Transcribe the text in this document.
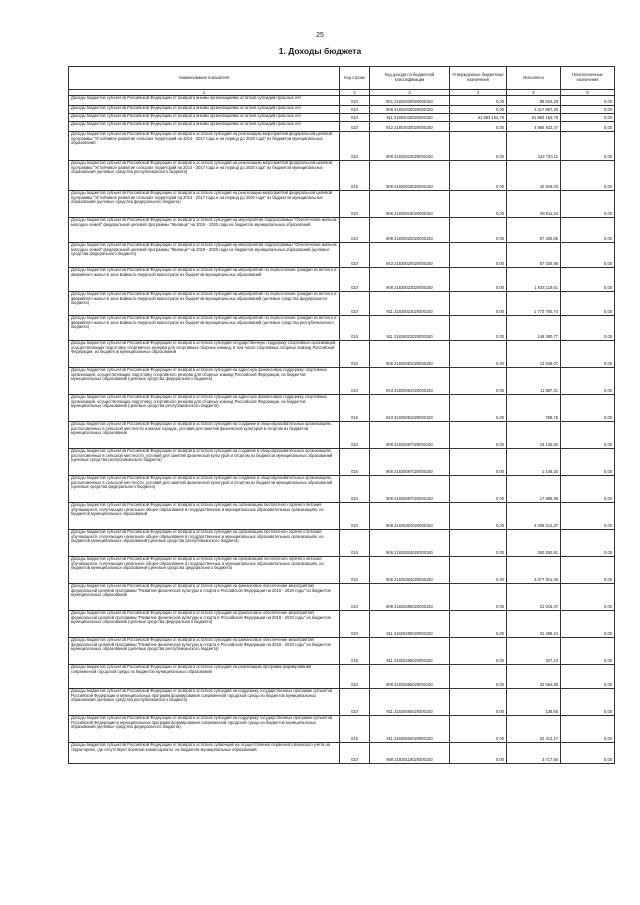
25
1. Доходы бюджета
Наименование показателя	Код строки	Код дохода по бюджетной классификации	Утвержденные бюджетные назначения	Исполнено	Неисполненные назначения
1	2	3	4	5	6
Доходы бюджетов субъектов Российской Федерации от возврата иными организациями остатков субсидий прошлых лет	010	901 21802030020000150	0,00	88 034,28	0,00
Доходы бюджетов субъектов Российской Федерации от возврата иными организациями остатков субсидий прошлых лет	010	908 21802030020000150	0,00	2 217 867,20	0,00
Доходы бюджетов субъектов Российской Федерации от возврата иными организациями остатков субсидий прошлых лет	010	911 21802030020000150	61 883 152,78	61 883 152,78	0,00
Доходы бюджетов субъектов Российской Федерации от возврата иными организациями остатков субсидий прошлых лет	010	912 21802030020000150	0,00	4 885 832,47	0,00
Доходы бюджетов субъектов Российской Федерации от возврата остатков субсидий на реализацию мероприятий федеральной целевой программы "Устойчивое развитие сельских территорий на 2014 - 2017 годы и на период до 2020 года" из бюджетов муниципальных образований	010	909 21825018020000150	0,00	142 730,11	0,00
Доходы бюджетов субъектов Российской Федерации от возврата остатков субсидий на реализацию мероприятий федеральной целевой программы "Устойчивое развитие сельских территорий на 2014 - 2017 годы и на период до 2020 года" из бюджетов муниципальных образований (целевые средства республиканского бюджета)	015	906 21825018020000150	0,00	42 819,03	0,00
Доходы бюджетов субъектов Российской Федерации от возврата остатков субсидий на реализацию мероприятий федеральной целевой программы "Устойчивое развитие сельских территорий на 2014 - 2017 годы и на период до 2020 года" из бюджетов муниципальных образований (целевые средства федерального бюджета)	010	906 21825018020000150	0,00	99 911,34	0,00
Доходы бюджетов субъектов Российской Федерации от возврата остатков субсидий на мероприятия подпрограммы "Обеспечение жильем молодых семей" федеральной целевой программы "Жилище" на 2015 - 2020 годы из бюджетов муниципальных образований	010	909 21825020020000150	0,00	57 406,65	0,00
Доходы бюджетов субъектов Российской Федерации от возврата остатков субсидий на мероприятия подпрограммы "Обеспечение жильем молодых семей" федеральной целевой программы "Жилище" на 2015 - 2020 годы из бюджетов муниципальных образований (целевые средства федерального бюджета)	010	943 21825020020000150	0,00	57 026,85	0,00
Доходы бюджетов субъектов Российской Федерации от возврата остатков субсидий на мероприятия по переселению граждан из ветхого и аварийного жилья в зоне Байкало-Амурской магистрали из бюджетов муниципальных образований	010	909 21825023020000150	0,00	1 925 119,51	0,00
Доходы бюджетов субъектов Российской Федерации от возврата остатков субсидий на мероприятия по переселению граждан из ветхого и аварийного жилья в зоне Байкало-Амурской магистрали из бюджетов муниципальных образований (целевые средства федерального бюджета)	010	911 21825023020000150	0,00	1 773 784,74	0,00
Доходы бюджетов субъектов Российской Федерации от возврата остатков субсидий на мероприятия по переселению граждан из ветхого и аварийного жилья в зоне Байкало-Амурской магистрали из бюджетов муниципальных образований (целевые средства республиканского бюджета)	015	911 21825023020000150	0,00	149 380,77	0,00
Доходы бюджетов субъектов Российской Федерации от возврата остатков субсидий государственную поддержку спортивных организаций, осуществляющих подготовку спортивного резерва для спортивных сборных команд, в том числе спортивных сборных команд Российской Федерации, из бюджетов муниципальных образований	010	906 21825081020000150	0,00	12 648,07	0,00
Доходы бюджетов субъектов Российской Федерации от возврата остатков субсидий на адресную финансовую поддержку спортивных организаций, осуществляющих подготовку спортивного резерва для сборных команд Российской Федерации, из бюджетов муниципальных образований (целевые средства федерального бюджета)	010	943 21825081020000150	0,00	11 887,31	0,00
Доходы бюджетов субъектов Российской Федерации от возврата остатков субсидий на адресную финансовую поддержку спортивных организаций, осуществляющих подготовку спортивного резерва для сборных команд Российской Федерации, из бюджетов муниципальных образований (целевые средства республиканского бюджета)	015	943 21825081020000150	0,00	758,75	0,00
Доходы бюджетов субъектов Российской Федерации от возврата остатков субсидий на создание в общеобразовательных организациях, расположенных в сельской местности и малых городах, условий для занятий физической культурой и спортом из бюджетов муниципальных образований	010	909 21825097020000150	0,00	19 136,82	0,00
Доходы бюджетов субъектов Российской Федерации от возврата остатков субсидий на создание в общеобразовательных организациях, расположенных в сельской местности, условий для занятий физической культурой и спортом из бюджетов муниципальных образований (целевые средства республиканского бюджета)	015	906 21825097020000150	0,00	1 148,25	0,00
Доходы бюджетов субъектов Российской Федерации от возврата остатков субсидий на создание в общеобразовательных организациях, расположенных в сельской местности, условий для занятий физической культурой и спортом из бюджетов муниципальных образований (целевые средства федерального бюджета)	010	906 21825097020000150	0,00	17 988,98	0,00
Доходы бюджетов субъектов Российской Федерации от возврата остатков субсидий на организацию бесплатного горячего питания обучающихся, получающих начальное общее образование в государственных и муниципальных образовательных организациях, из бюджетов муниципальных образований	010	909 21825304020000150	0,00	4 338 214,37	0,00
Доходы бюджетов субъектов Российской Федерации от возврата остатков субсидий на организацию бесплатного горячего питания обучающихся, получающих начальное общее образование в государственных и муниципальных образовательных организациях, из бюджетов муниципальных образований (целевые средства республиканского бюджета)	015	906 21825304020000150	0,00	260 292,91	0,00
Доходы бюджетов субъектов Российской Федерации от возврата остатков субсидий на организацию бесплатного горячего питания обучающихся, получающих начальное общее образование в государственных и муниципальных образовательных организациях, из бюджетов муниципальных образований (целевые средства федерального бюджета)	010	906 21825304020000150	0,00	4 077 921,46	0,00
Доходы бюджетов субъектов Российской Федерации от возврата остатков субсидий на финансовое обеспечение мероприятий федеральной целевой программы "Развитие физической культуры и спорта в Российской Федерации на 2016 - 2020 годы" из бюджетов муниципальных образований	010	909 21825495020000150	0,00	31 016,47	0,00
Доходы бюджетов субъектов Российской Федерации от возврата остатков субсидий на финансовое обеспечение мероприятий федеральной целевой программы "Развитие физической культуры и спорта в Российской Федерации на 2016 - 2020 годы" из бюджетов муниципальных образований (целевые средства федерального бюджета)	010	911 21825495020000150	0,00	31 489,24	0,00
Доходы бюджетов субъектов Российской Федерации от возврата остатков субсидий на финансовое обеспечение мероприятий федеральной целевой программы "Развитие физической культуры и спорта в Российской Федерации на 2016 - 2020 годы" из бюджетов муниципальных образований (целевые средства республиканского бюджета)	015	911 21825495020000150	0,00	327,23	0,00
Доходы бюджетов субъектов Российской Федерации от возврата остатков субсидий на реализацию программ формирования современной городской среды из бюджетов муниципальных образований	010	909 21825555020000150	0,00	32 554,88	0,00
Доходы бюджетов субъектов Российской Федерации от возврата остатков субсидий на поддержку государственных программ субъектов Российской Федерации и муниципальных программ формирования современной городской среды из бюджетов муниципальных образований (целевые средства республиканского бюджета)	010	911 21825555020000150	0,00	138,65	0,00
Доходы бюджетов субъектов Российской Федерации от возврата остатков субсидий на поддержку государственных программ субъектов Российской Федерации и муниципальных программ формирования современной городской среды из бюджетов муниципальных образований (целевые средства федерального бюджета)	015	911 21825555020000150	0,00	32 413,17	0,00
Доходы бюджетов субъектов Российской Федерации от возврата остатков субвенций на осуществление первичного воинского учета на территориях, где отсутствуют военные комиссариаты, из бюджетов муниципальных образований	010	909 21835118020000150	0,00	3 717,56	0,00
